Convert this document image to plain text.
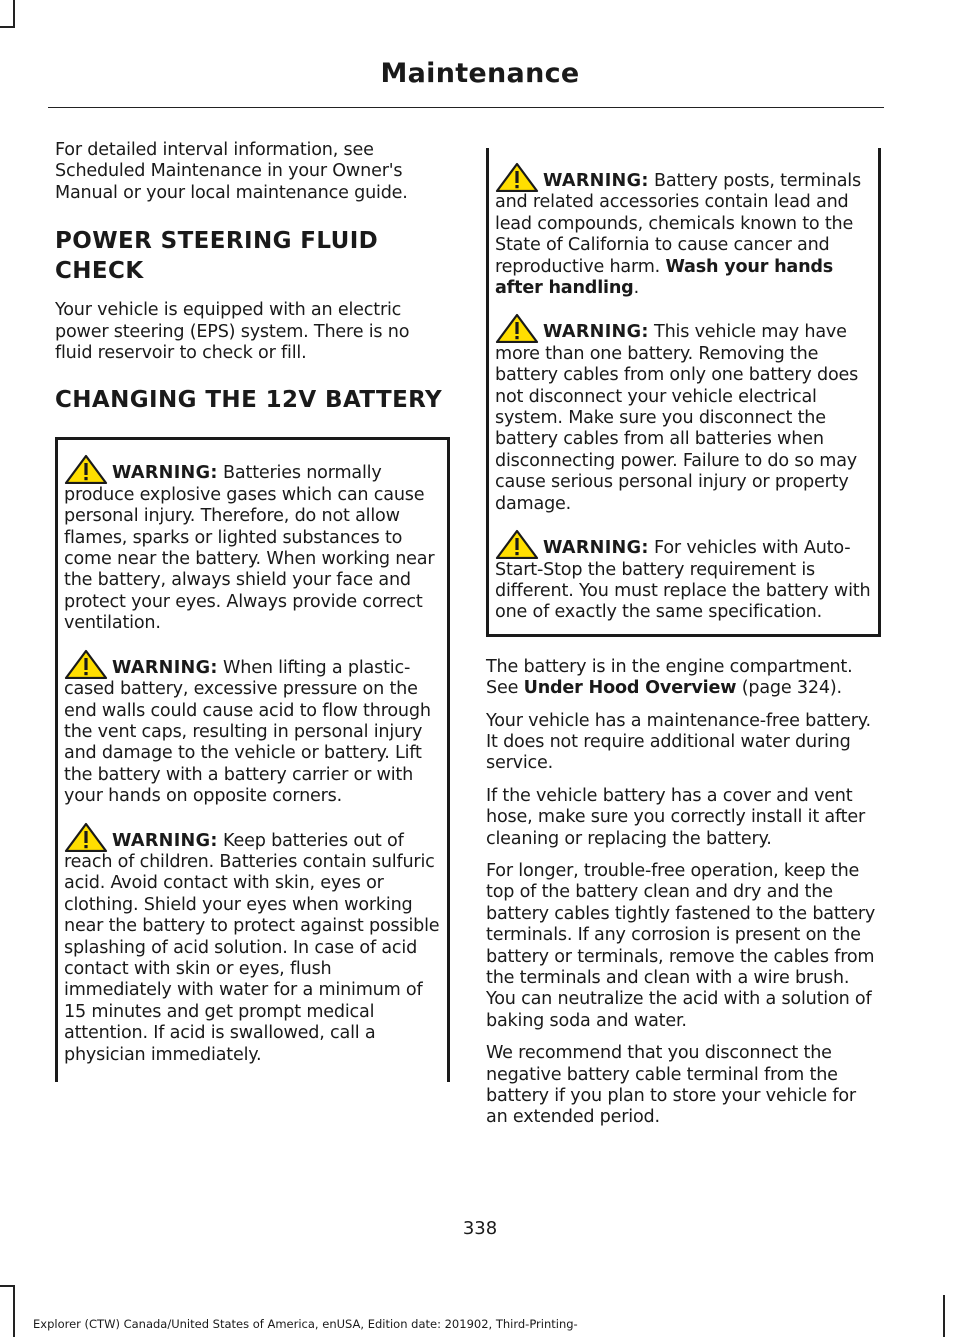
Maintenance

For detailed interval information, see Scheduled Maintenance in your Owner's Manual or your local maintenance guide.

POWER STEERING FLUID CHECK

Your vehicle is equipped with an electric power steering (EPS) system. There is no fluid reservoir to check or fill.

CHANGING THE 12V BATTERY
WARNING: Batteries normally produce explosive gases which can cause personal injury. Therefore, do not allow flames, sparks or lighted substances to come near the battery. When working near the battery, always shield your face and protect your eyes. Always provide correct ventilation.
WARNING: When lifting a plastic-cased battery, excessive pressure on the end walls could cause acid to flow through the vent caps, resulting in personal injury and damage to the vehicle or battery. Lift the battery with a battery carrier or with your hands on opposite corners.
WARNING: Keep batteries out of reach of children. Batteries contain sulfuric acid. Avoid contact with skin, eyes or clothing. Shield your eyes when working near the battery to protect against possible splashing of acid solution. In case of acid contact with skin or eyes, flush immediately with water for a minimum of 15 minutes and get prompt medical attention. If acid is swallowed, call a physician immediately.
WARNING: Battery posts, terminals and related accessories contain lead and lead compounds, chemicals known to the State of California to cause cancer and reproductive harm. Wash your hands after handling.
WARNING: This vehicle may have more than one battery. Removing the battery cables from only one battery does not disconnect your vehicle electrical system. Make sure you disconnect the battery cables from all batteries when disconnecting power. Failure to do so may cause serious personal injury or property damage.
WARNING: For vehicles with Auto-Start-Stop the battery requirement is different. You must replace the battery with one of exactly the same specification.

The battery is in the engine compartment. See Under Hood Overview (page 324).

Your vehicle has a maintenance-free battery. It does not require additional water during service.

If the vehicle battery has a cover and vent hose, make sure you correctly install it after cleaning or replacing the battery.

For longer, trouble-free operation, keep the top of the battery clean and dry and the battery cables tightly fastened to the battery terminals. If any corrosion is present on the battery or terminals, remove the cables from the terminals and clean with a wire brush. You can neutralize the acid with a solution of baking soda and water.

We recommend that you disconnect the negative battery cable terminal from the battery if you plan to store your vehicle for an extended period.

338
Explorer (CTW) Canada/United States of America, enUSA, Edition date: 201902, Third-Printing-
